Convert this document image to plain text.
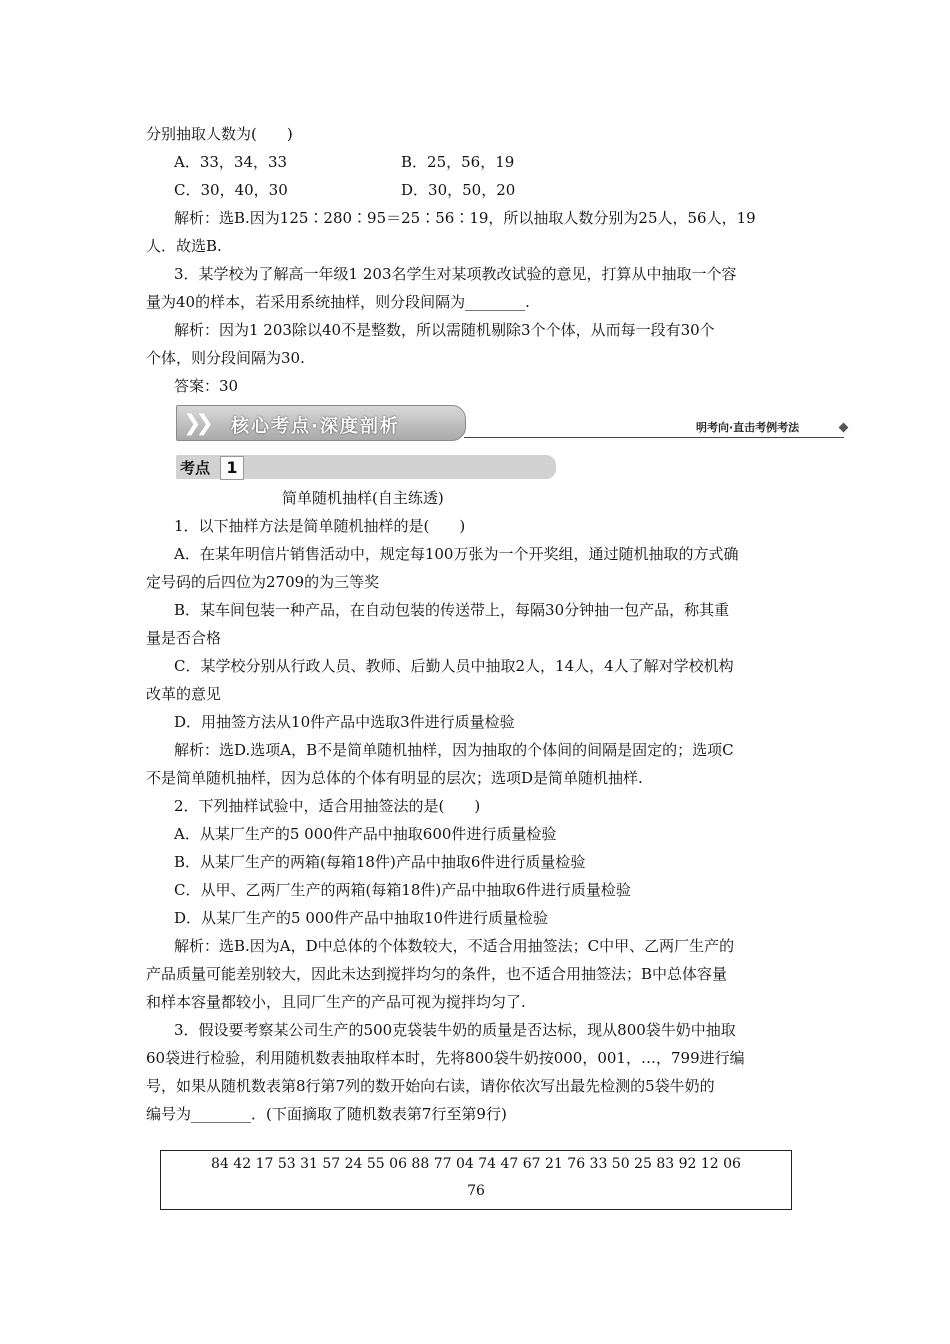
分别抽取人数为(　　)
A．33，34，33	B．25，56，19
C．30，40，30	D．30，50，20
解析：选B.因为125∶280∶95＝25∶56∶19，所以抽取人数分别为25人，56人，19
人．故选B.
3．某学校为了解高一年级1 203名学生对某项教改试验的意见，打算从中抽取一个容
量为40的样本，若采用系统抽样，则分段间隔为________.
解析：因为1 203除以40不是整数，所以需随机剔除3个个体，从而每一段有30个
个体，则分段间隔为30.
答案：30
❯❯ 核心考点·深度剖析	明考向·直击考例考法
考点	1
简单随机抽样(自主练透)
1．以下抽样方法是简单随机抽样的是(　　)
A．在某年明信片销售活动中，规定每100万张为一个开奖组，通过随机抽取的方式确
定号码的后四位为2709的为三等奖
B．某车间包装一种产品，在自动包装的传送带上，每隔30分钟抽一包产品，称其重
量是否合格
C．某学校分别从行政人员、教师、后勤人员中抽取2人，14人，4人了解对学校机构
改革的意见
D．用抽签方法从10件产品中选取3件进行质量检验
解析：选D.选项A，B不是简单随机抽样，因为抽取的个体间的间隔是固定的；选项C
不是简单随机抽样，因为总体的个体有明显的层次；选项D是简单随机抽样.
2．下列抽样试验中，适合用抽签法的是(　　)
A．从某厂生产的5 000件产品中抽取600件进行质量检验
B．从某厂生产的两箱(每箱18件)产品中抽取6件进行质量检验
C．从甲、乙两厂生产的两箱(每箱18件)产品中抽取6件进行质量检验
D．从某厂生产的5 000件产品中抽取10件进行质量检验
解析：选B.因为A，D中总体的个体数较大，不适合用抽签法；C中甲、乙两厂生产的
产品质量可能差别较大，因此未达到搅拌均匀的条件，也不适合用抽签法；B中总体容量
和样本容量都较小，且同厂生产的产品可视为搅拌均匀了.
3．假设要考察某公司生产的500克袋装牛奶的质量是否达标，现从800袋牛奶中抽取
60袋进行检验，利用随机数表抽取样本时，先将800袋牛奶按000，001，…，799进行编
号，如果从随机数表第8行第7列的数开始向右读，请你依次写出最先检测的5袋牛奶的
编号为________．(下面摘取了随机数表第7行至第9行)
84 42 17 53 31 57 24 55 06 88 77 04 74 47 67 21 76 33 50 25 83 92 12 06
76
